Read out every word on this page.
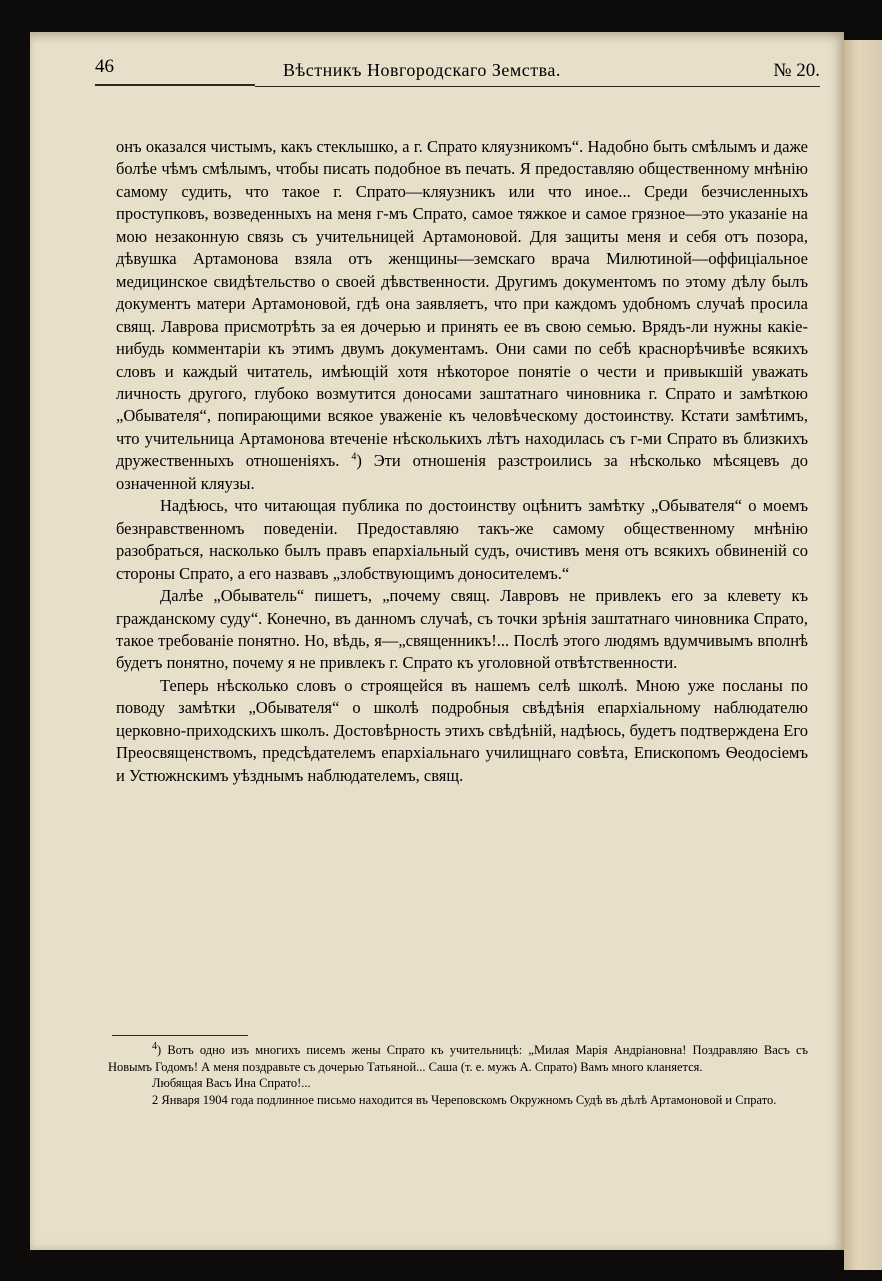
46	Вѣстникъ Новгородскаго Земства.	№ 20.

онъ оказался чистымъ, какъ стеклышко, а г. Спрато кляузникомъ“. Надобно быть смѣлымъ и даже болѣе чѣмъ смѣлымъ, чтобы писать подобное въ печать. Я предоставляю общественному мнѣнію самому судить, что такое г. Спрато—кляузникъ или что иное... Среди безчисленныхъ проступковъ, возведенныхъ на меня г-мъ Спрато, самое тяжкое и самое грязное—это указаніе на мою незаконную связь съ учительницей Артамоновой. Для защиты меня и себя отъ позора, дѣвушка Артамонова взяла отъ женщины—земскаго врача Милютиной—оффиціальное медицинское свидѣтельство о своей дѣвственности. Другимъ документомъ по этому дѣлу былъ документъ матери Артамоновой, гдѣ она заявляетъ, что при каждомъ удобномъ случаѣ просила свящ. Лаврова присмотрѣть за ея дочерью и принять ее въ свою семью. Врядъ-ли нужны какіе-нибудь комментаріи къ этимъ двумъ документамъ. Они сами по себѣ краснорѣчивѣе всякихъ словъ и каждый читатель, имѣющій хотя нѣкоторое понятіе о чести и привыкшій уважать личность другого, глубоко возмутится доносами заштатнаго чиновника г. Спрато и замѣткою „Обывателя“, попирающими всякое уваженіе къ человѣческому достоинству. Кстати замѣтимъ, что учительница Артамонова втеченіе нѣсколькихъ лѣтъ находилась съ г-ми Спрато въ близкихъ дружественныхъ отношеніяхъ. $^4$) Эти отношенія разстроились за нѣсколько мѣсяцевъ до означенной кляузы.

Надѣюсь, что читающая публика по достоинству оцѣнитъ замѣтку „Обывателя“ о моемъ безнравственномъ поведеніи. Предоставляю такъ-же самому общественному мнѣнію разобраться, насколько былъ правъ епархіальный судъ, очистивъ меня отъ всякихъ обвиненій со стороны Спрато, а его назвавъ „злобствующимъ доносителемъ.“

Далѣе „Обыватель“ пишетъ, „почему свящ. Лавровъ не привлекъ его за клевету къ гражданскому суду“. Конечно, въ данномъ случаѣ, съ точки зрѣнія заштатнаго чиновника Спрато, такое требованіе понятно. Но, вѣдь, я—„священникъ!... Послѣ этого людямъ вдумчивымъ вполнѣ будетъ понятно, почему я не привлекъ г. Спрато къ уголовной отвѣтственности.

Теперь нѣсколько словъ о строящейся въ нашемъ селѣ школѣ. Мною уже посланы по поводу замѣтки „Обывателя“ о школѣ подробныя свѣдѣнія епархіальному наблюдателю церковно-приходскихъ школъ. Достовѣрность этихъ свѣдѣній, надѣюсь, будетъ подтверждена Его Преосвященствомъ, предсѣдателемъ епархіальнаго училищнаго совѣта, Епископомъ Ѳеодосіемъ и Устюжнскимъ уѣзднымъ наблюдателемъ, свящ.

$^4$) Вотъ одно изъ многихъ писемъ жены Спрато къ учительницѣ: „Милая Марія Андріановна! Поздравляю Васъ съ Новымъ Годомъ! А меня поздравьте съ дочерью Татьяной... Саша (т. е. мужъ А. Спрато) Вамъ много кланяется.

Любящая Васъ Ина Спрато!...

2 Января 1904 года подлинное письмо находится въ Череповскомъ Окружномъ Судѣ въ дѣлѣ Артамоновой и Спрато.
